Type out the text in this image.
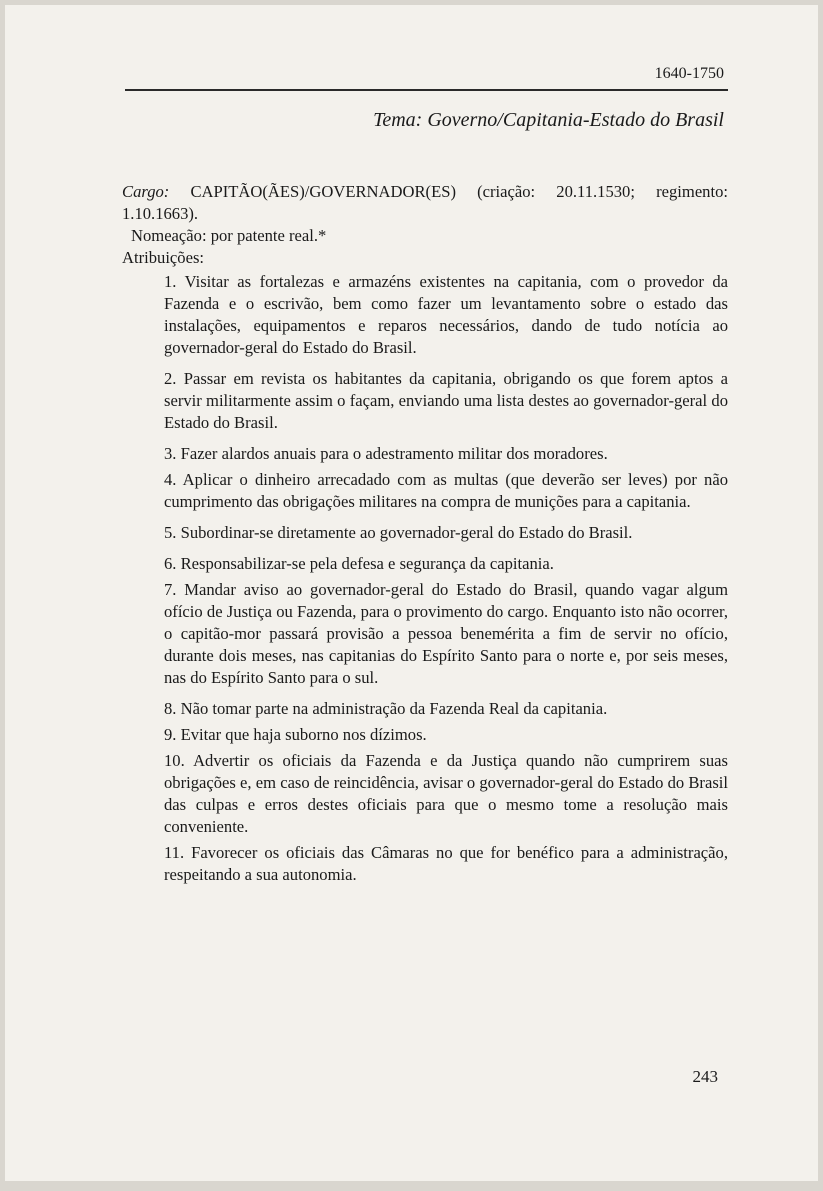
1640-1750
Tema: Governo/Capitania-Estado do Brasil

Cargo: CAPITÃO(ÃES)/GOVERNADOR(ES) (criação: 20.11.1530; regimento: 1.10.1663).

Nomeação: por patente real.*

Atribuições:

1. Visitar as fortalezas e armazéns existentes na capitania, com o provedor da Fazenda e o escrivão, bem como fazer um levantamento sobre o estado das instalações, equipamentos e reparos necessários, dando de tudo notícia ao governador-geral do Estado do Brasil.
2. Passar em revista os habitantes da capitania, obrigando os que forem aptos a servir militarmente assim o façam, enviando uma lista destes ao governador-geral do Estado do Brasil.
3. Fazer alardos anuais para o adestramento militar dos moradores.
4. Aplicar o dinheiro arrecadado com as multas (que deverão ser leves) por não cumprimento das obrigações militares na compra de munições para a capitania.
5. Subordinar-se diretamente ao governador-geral do Estado do Brasil.
6. Responsabilizar-se pela defesa e segurança da capitania.
7. Mandar aviso ao governador-geral do Estado do Brasil, quando vagar algum ofício de Justiça ou Fazenda, para o provimento do cargo. Enquanto isto não ocorrer, o capitão-mor passará provisão a pessoa benemérita a fim de servir no ofício, durante dois meses, nas capitanias do Espírito Santo para o norte e, por seis meses, nas do Espírito Santo para o sul.
8. Não tomar parte na administração da Fazenda Real da capitania.
9. Evitar que haja suborno nos dízimos.
10. Advertir os oficiais da Fazenda e da Justiça quando não cumprirem suas obrigações e, em caso de reincidência, avisar o governador-geral do Estado do Brasil das culpas e erros destes oficiais para que o mesmo tome a resolução mais conveniente.
11. Favorecer os oficiais das Câmaras no que for benéfico para a administração, respeitando a sua autonomia.
243
